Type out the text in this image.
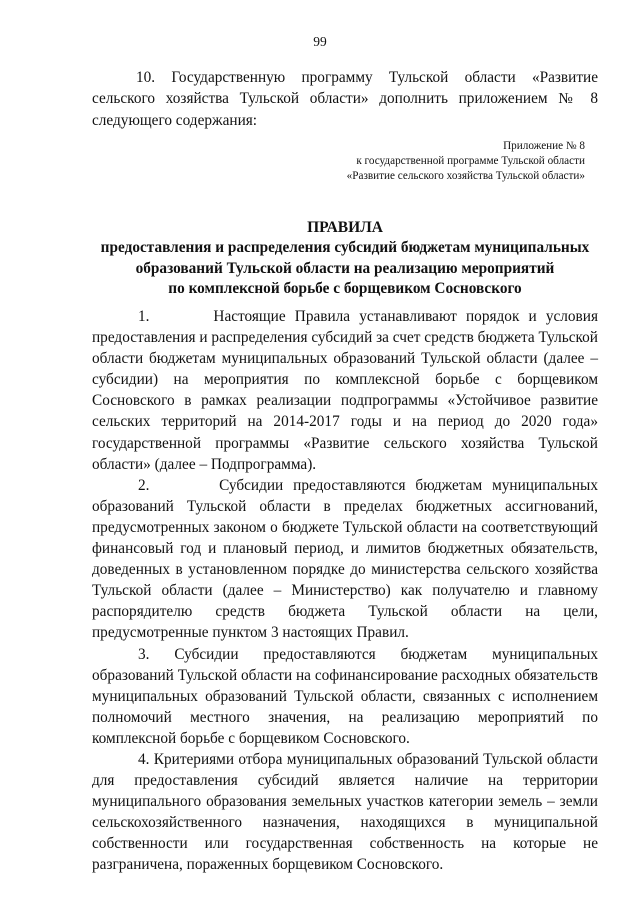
99

10. Государственную программу Тульской области «Развитие сельского хозяйства Тульской области» дополнить приложением № 8 следующего содержания:

Приложение № 8
к государственной программе Тульской области
«Развитие сельского хозяйства Тульской области»
ПРАВИЛА
предоставления и распределения субсидий бюджетам муниципальных
образований Тульской области на реализацию мероприятий
по комплексной борьбе с борщевиком Сосновского

1.       Настоящие Правила устанавливают порядок и условия предоставления и распределения субсидий за счет средств бюджета Тульской области бюджетам муниципальных образований Тульской области (далее – субсидии) на мероприятия по комплексной борьбе с борщевиком Сосновского в рамках реализации подпрограммы «Устойчивое развитие сельских территорий на 2014-2017 годы и на период до 2020 года» государственной программы «Развитие сельского хозяйства Тульской области» (далее – Подпрограмма).

2.       Субсидии предоставляются бюджетам муниципальных образований Тульской области в пределах бюджетных ассигнований, предусмотренных законом о бюджете Тульской области на соответствующий финансовый год и плановый период, и лимитов бюджетных обязательств, доведенных в установленном порядке до министерства сельского хозяйства Тульской области (далее – Министерство) как получателю и главному распорядителю средств бюджета Тульской области на цели, предусмотренные пунктом 3 настоящих Правил.

3. Субсидии предоставляются бюджетам муниципальных образований Тульской области на софинансирование расходных обязательств муниципальных образований Тульской области, связанных с исполнением полномочий местного значения, на реализацию мероприятий по комплексной борьбе с борщевиком Сосновского.

4. Критериями отбора муниципальных образований Тульской области для предоставления субсидий является наличие на территории муниципального образования земельных участков категории земель – земли сельскохозяйственного назначения, находящихся в муниципальной собственности или государственная собственность на которые не разграничена, пораженных борщевиком Сосновского.
